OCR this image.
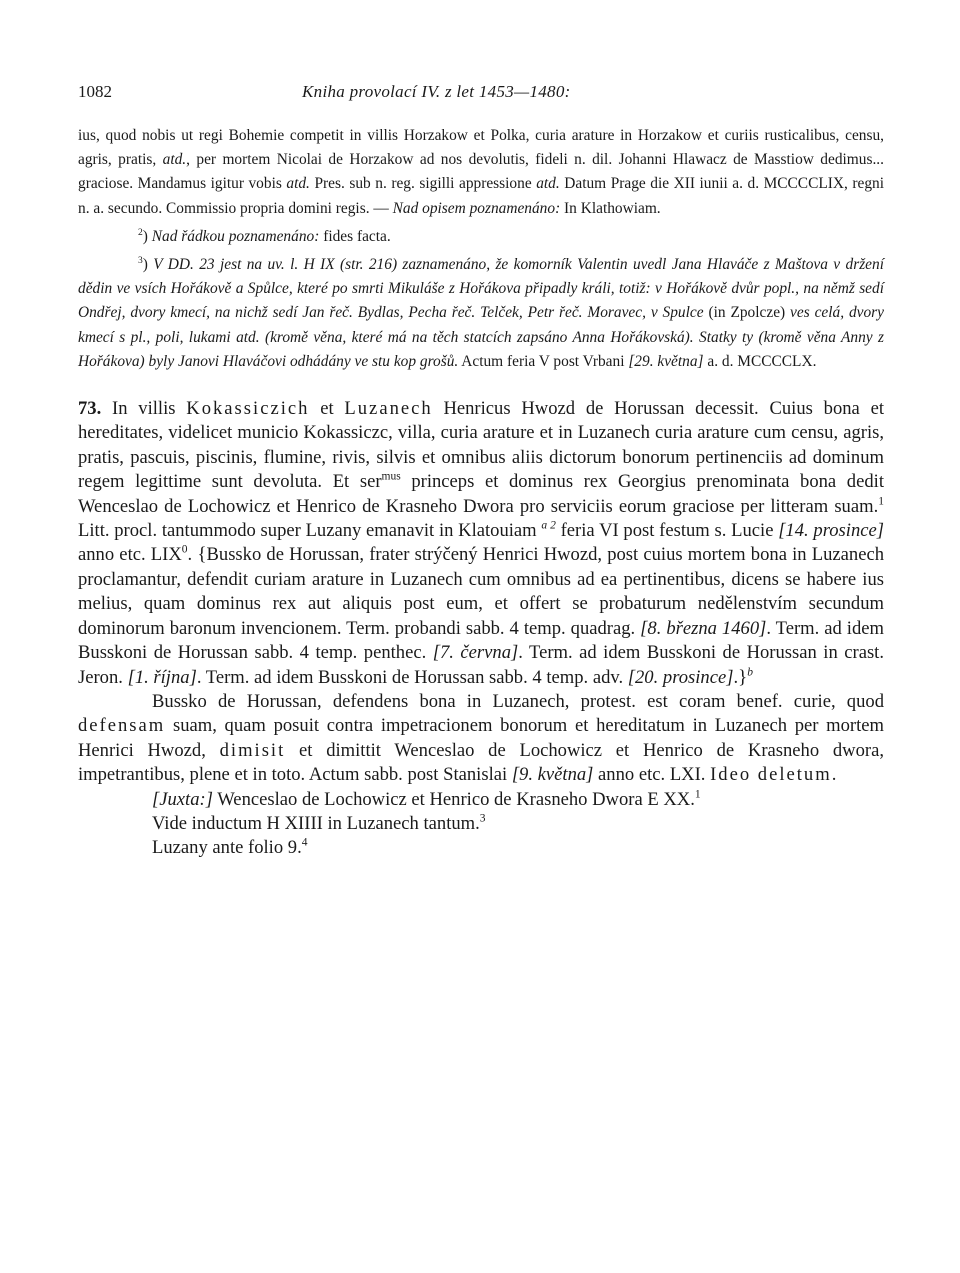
1082	Kniha provolací IV. z let 1453—1480:

ius, quod nobis ut regi Bohemie competit in villis Horzakow et Polka, curia arature in Horzakow et curiis rusticalibus, censu, agris, pratis, atd., per mortem Nicolai de Horzakow ad nos devolutis, fideli n. dil. Johanni Hlawacz de Masstiow dedimus... graciose. Mandamus igitur vobis atd. Pres. sub n. reg. sigilli appressione atd. Datum Prage die XII iunii a. d. MCCCCLIX, regni n. a. secundo. Commissio propria domini regis. — Nad opisem poznamenáno: In Klathowiam.

$^2$) Nad řádkou poznamenáno: fides facta.

$^3$) V DD. 23 jest na uv. l. H IX (str. 216) zaznamenáno, že komorník Valentin uvedl Jana Hlaváče z Maštova v držení dědin ve vsích Hořákově a Spůlce, které po smrti Mikuláše z Hořákova připadly králi, totiž: v Hořákově dvůr popl., na němž sedí Ondřej, dvory kmecí, na nichž sedí Jan řeč. Bydlas, Pecha řeč. Telček, Petr řeč. Moravec, v Spulce (in Zpolcze) ves celá, dvory kmecí s pl., poli, lukami atd. (kromě věna, které má na těch statcích zapsáno Anna Hořákovská). Statky ty (kromě věna Anny z Hořákova) byly Janovi Hlaváčovi odhádány ve stu kop grošů. Actum feria V post Vrbani [29. května] a. d. MCCCCLX.

73. In villis Kokassiczich et Luzanech Henricus Hwozd de Horussan decessit. Cuius bona et hereditates, videlicet municio Kokassiczc, villa, curia arature et in Luzanech curia arature cum censu, agris, pratis, pascuis, piscinis, flumine, rivis, silvis et omnibus aliis dictorum bonorum pertinenciis ad dominum regem legittime sunt devoluta. Et ser$^{mus}$ princeps et dominus rex Georgius prenominata bona dedit Wenceslao de Lochowicz et Henrico de Krasneho Dwora pro serviciis eorum graciose per litteram suam.$^1$ Litt. procl. tantummodo super Luzany emanavit in Klatouiam $^{a 2}$ feria VI post festum s. Lucie [14. prosince] anno etc. LIX$^0$. {Bussko de Horussan, frater strýčený Henrici Hwozd, post cuius mortem bona in Luzanech proclamantur, defendit curiam arature in Luzanech cum omnibus ad ea pertinentibus, dicens se habere ius melius, quam dominus rex aut aliquis post eum, et offert se probaturum nedělenstvím secundum dominorum baronum invencionem. Term. probandi sabb. 4 temp. quadrag. [8. března 1460]. Term. ad idem Busskoni de Horussan sabb. 4 temp. penthec. [7. června]. Term. ad idem Busskoni de Horussan in crast. Jeron. [1. října]. Term. ad idem Busskoni de Horussan sabb. 4 temp. adv. [20. prosince].}$^b$

Bussko de Horussan, defendens bona in Luzanech, protest. est coram benef. curie, quod defensam suam, quam posuit contra impetracionem bonorum et hereditatum in Luzanech per mortem Henrici Hwozd, dimisit et dimittit Wenceslao de Lochowicz et Henrico de Krasneho dwora, impetrantibus, plene et in toto. Actum sabb. post Stanislai [9. května] anno etc. LXI. Ideo deletum.

[Juxta:] Wenceslao de Lochowicz et Henrico de Krasneho Dwora E XX.$^1$

Vide inductum H XIIII in Luzanech tantum.$^3$

Luzany ante folio 9.$^4$
